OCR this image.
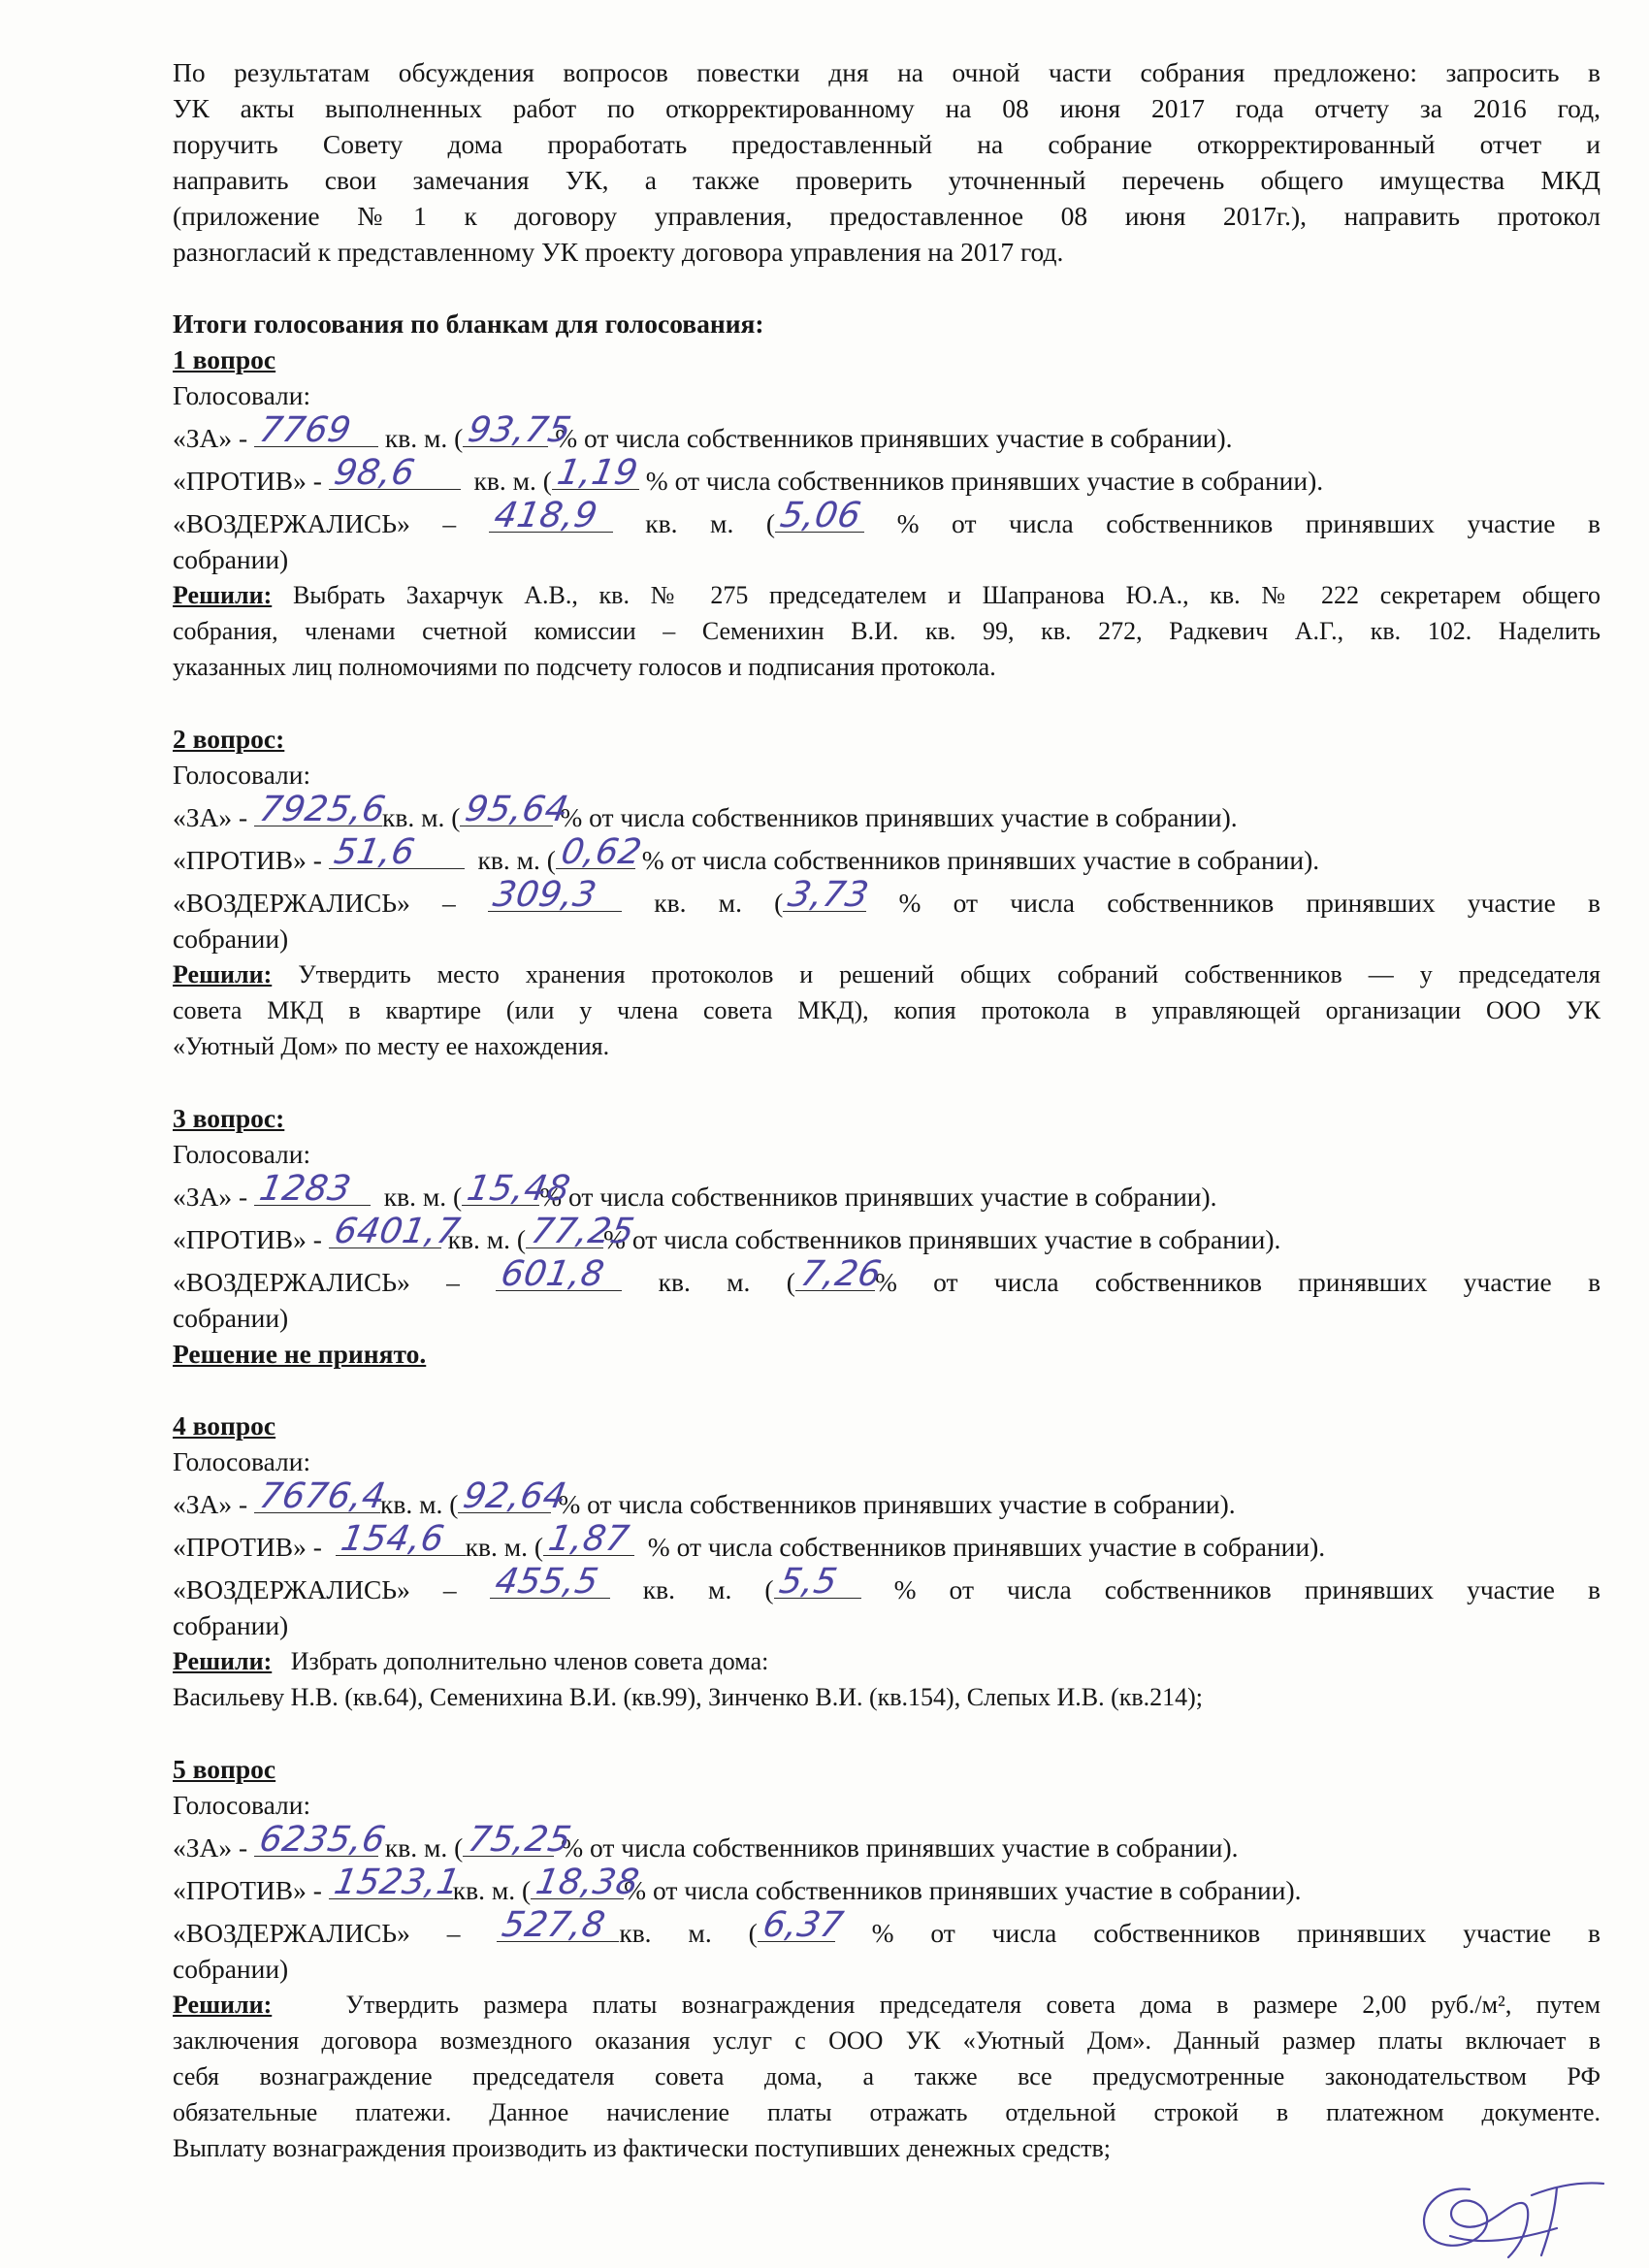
По результатам обсуждения вопросов повестки дня на очной части собрания предложено: запросить в

УК акты выполненных работ по откорректированному на 08 июня 2017 года отчету за 2016 год,

поручить Совету дома проработать предоставленный на собрание откорректированный отчет и

направить свои замечания УК, а также проверить уточненный перечень общего имущества МКД

(приложение №1 к договору управления, предоставленное 08 июня 2017г.), направить протокол

разногласий к представленному УК проекту договора управления на 2017 год.

Итоги голосования по бланкам для голосования:

1 вопрос

Голосовали:

«ЗА» - 7769 кв. м. ( 93,75
% от числа собственников принявших участие в собрании).

«ПРОТИВ» - 98,6 кв. м. ( 1,19 % от числа собственников принявших участие в собрании).

«ВОЗДЕРЖАЛИСЬ» – 418,9 кв. м. ( 5,06 % от числа собственников принявших участие в

собрании)

Решили: Выбрать Захарчук А.В., кв. № 275 председателем и Шапранова Ю.А., кв. № 222 секретарем общего

собрания, членами счетной комиссии – Семенихин В.И. кв. 99, кв. 272, Радкевич А.Г., кв. 102. Наделить

указанных лиц полномочиями по подсчету голосов и подписания протокола.

2 вопрос:

Голосовали:

«ЗА» - 7925,6
кв. м. ( 95,64
% от числа собственников принявших участие в собрании).

«ПРОТИВ» - 51,6 кв. м. ( 0,62
% от числа собственников принявших участие в собрании).

«ВОЗДЕРЖАЛИСЬ» – 309,3 кв. м. ( 3,73 % от числа собственников принявших участие в

собрании)

Решили: Утвердить место хранения протоколов и решений общих собраний собственников — у председателя

совета МКД в квартире (или у члена совета МКД), копия протокола в управляющей организации ООО УК

«Уютный Дом» по месту ее нахождения.

3 вопрос:

Голосовали:

«ЗА» - 1283 кв. м. ( 15,48
% от числа собственников принявших участие в собрании).

«ПРОТИВ» - 6401,7
кв. м. ( 77,25
% от числа собственников принявших участие в собрании).

«ВОЗДЕРЖАЛИСЬ» – 601,8 кв. м. ( 7,26
% от числа собственников принявших участие в

собрании)

Решение не принято.

4 вопрос

Голосовали:

«ЗА» - 7676,4
кв. м. ( 92,64
% от числа собственников принявших участие в собрании).

«ПРОТИВ» - 154,6 кв. м. ( 1,87 % от числа собственников принявших участие в собрании).

«ВОЗДЕРЖАЛИСЬ» – 455,5 кв. м. ( 5,5 % от числа собственников принявших участие в

собрании)

Решили: Избрать дополнительно членов совета дома:

Васильеву Н.В. (кв.64), Семенихина В.И. (кв.99), Зинченко В.И. (кв.154), Слепых И.В. (кв.214);

5 вопрос

Голосовали:

«ЗА» - 6235,6
кв. м. ( 75,25
% от числа собственников принявших участие в собрании).

«ПРОТИВ» - 1523,1
кв. м. ( 18,38
% от числа собственников принявших участие в собрании).

«ВОЗДЕРЖАЛИСЬ» – 527,8 кв. м. ( 6,37 % от числа собственников принявших участие в

собрании)

Решили:	Утвердить размера платы вознаграждения председателя совета дома в размере 2,00 руб./м², путем

заключения договора возмездного оказания услуг с ООО УК «Уютный Дом». Данный размер платы включает в

себя вознаграждение председателя совета дома, а также все предусмотренные законодательством РФ

обязательные платежи. Данное начисление платы отражать отдельной строкой в платежном документе.

Выплату вознаграждения производить из фактически поступивших денежных средств;
